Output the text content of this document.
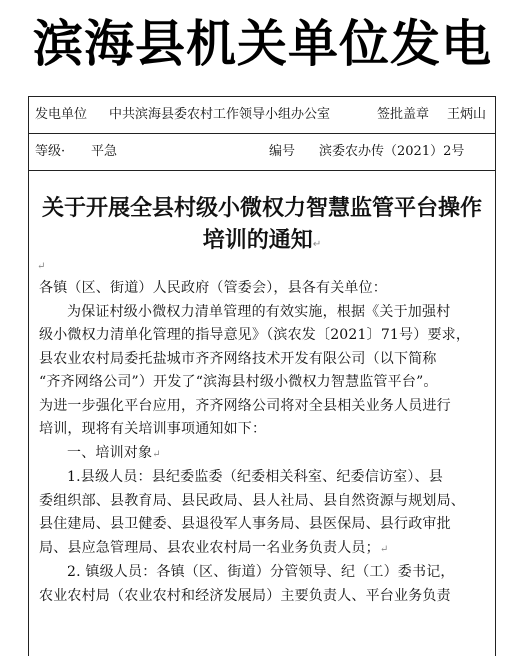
滨海县机关单位发电
发电单位 中共滨海县委农村工作领导小组办公室	签批盖章 王炳山
等级· 平急	编号 滨委农办传（2021）2号
关于开展全县村级小微权力智慧监管平台操作
培训的通知↵
↵

各镇（区、街道）人民政府（管委会），县各有关单位：

为保证村级小微权力清单管理的有效实施，根据《关于加强村

级小微权力清单化管理的指导意见》（滨农发〔2021〕71号）要求，

县农业农村局委托盐城市齐齐网络技术开发有限公司（以下简称

“齐齐网络公司”）开发了“滨海县村级小微权力智慧监管平台”。

为进一步强化平台应用，齐齐网络公司将对全县相关业务人员进行

培训，现将有关培训事项通知如下：

一、培训对象↵

1.县级人员：县纪委监委（纪委相关科室、纪委信访室）、县

委组织部、县教育局、县民政局、县人社局、县自然资源与规划局、

县住建局、县卫健委、县退役军人事务局、县医保局、县行政审批

局、县应急管理局、县农业农村局一名业务负责人员；↵

2. 镇级人员：各镇（区、街道）分管领导、纪（工）委书记，

农业农村局（农业农村和经济发展局）主要负责人、平台业务负责
